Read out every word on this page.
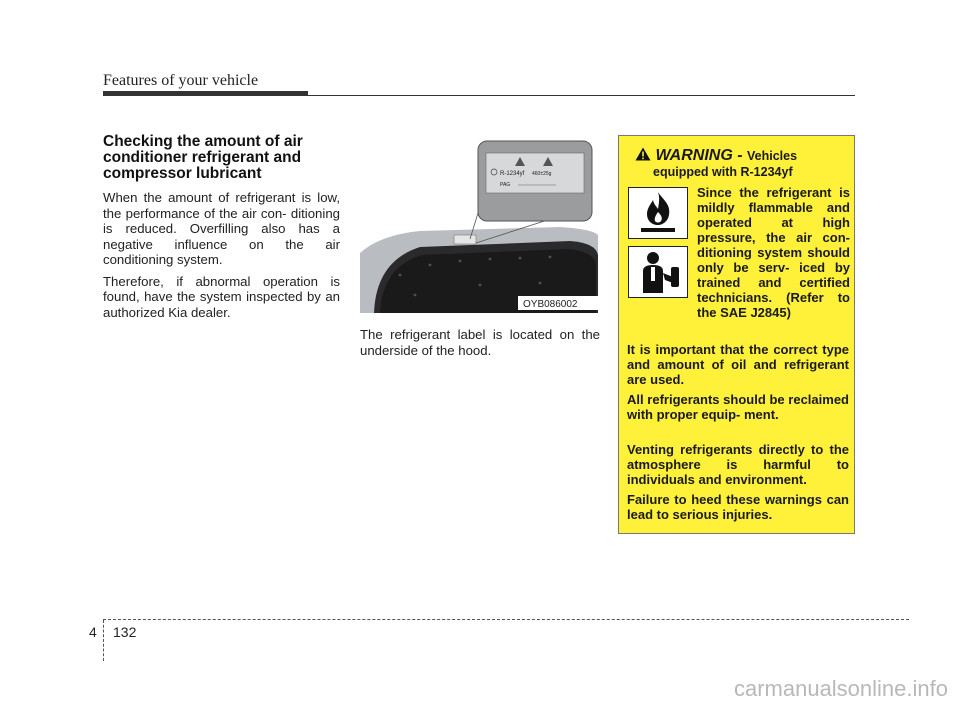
Features of your vehicle
Checking the amount of air conditioner refrigerant and compressor lubricant

When the amount of refrigerant is low, the performance of the air con- ditioning is reduced. Overfilling also has a negative influence on the air conditioning system.

Therefore, if abnormal operation is found, have the system inspected by an authorized Kia dealer.

R-1234yf 460±25g
PAG
OYB086002

The refrigerant label is located on the underside of the hood.

WARNING - Vehicles
equipped with R-1234yf

Since the refrigerant is mildly flammable and operated at high pressure, the air con- ditioning system should only be serv- iced by trained and certified technicians. (Refer to the SAE J2845)

It is important that the correct type and amount of oil and refrigerant are used.

All refrigerants should be reclaimed with proper equip- ment.

Venting refrigerants directly to the atmosphere is harmful to individuals and environment.

Failure to heed these warnings can lead to serious injuries.

4 132
carmanualsonline.info
